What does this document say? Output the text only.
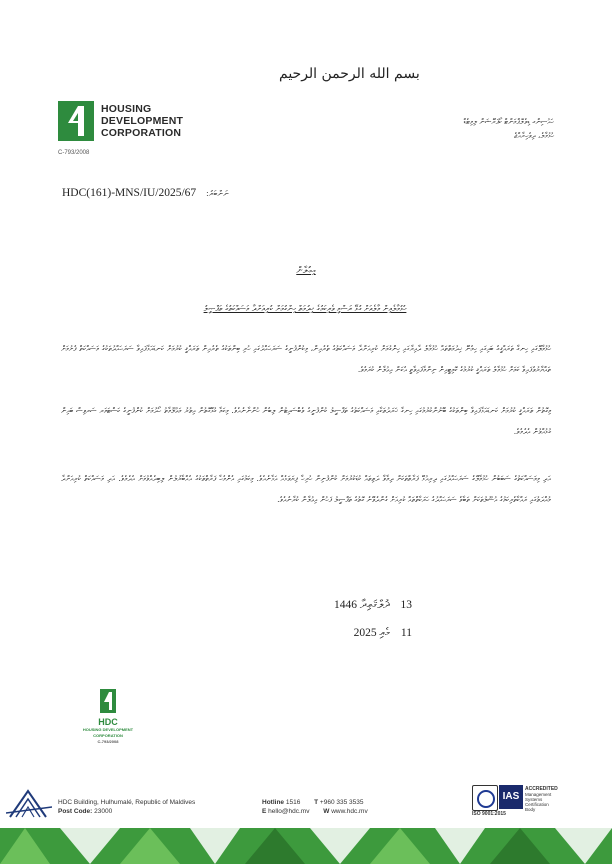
بسم الله الرحمن الرحيم
HOUSING
DEVELOPMENT
CORPORATION
C-793/2008
ހައުސިންގ ޑިވެލޮޕްމަންޓް ކޯޕަރޭޝަން ލިމިޓެޑް
ހުޅުމާލެ، ދިވެހިރާއްޖެ
HDC(161)-MNS/IU/2025/67 ނަންބަރު:
އިޢުލާން
ހުޅުމާލެއިން މާލެއަށް ގުޅޭ ރަސްމީ ވެރިކަމުގެ ޚިދުމަތް ހިންގުމަށް ކުރިއަށްދާ މަސައްކަތުގެ ތަފްޞީލު
ހުޅުމާލޭގައި ހިނގާ ތަރައްޤީގެ ބައިގައި ހިމެނޭ ޚިދުމަތްތައް ހުޅުމާލެ ދާއިރާގައި ހިންގުމަށް ކުރިއަށްދާ މަސައްކަތުގެ ތެރެއިން، މިކުންފުނީގެ ސަރަޙައްދުގައި ހުރި ބިންތަކުގެ ތެރެއިން ތަރައްޤީ ކުރުމަށް ކަނޑައަޅާފައިވާ ސަރަޙައްދުތަކުގެ މަސައްކަތް ފެށުމަށް ތައްޔާރުވެފައިވާ ކަމަށް ހުޅުމާލެ ތަރައްޤީ ކުރުމުގެ ކޮމިޓީއިން ނިންމާފައިވާތީ އެކަން އިޢުލާން ކުރަމެވެ.
މިގޮތުން ތަރައްޤީ ކުރުމަށް ކަނޑައަޅާފައިވާ ބިންތަކުގެ ބޭނުންކުރުމުގައި ހިނގާ ޚަރަދުތަކާއި މަސައްކަތުގެ ތަފްޞީލު ކުންފުނީގެ ވެބްސައިޓުން ލިބެން ހުންނާނެއެވެ. މިކަމާ ގުޅޭގޮތުން އިތުރު މަޢުލޫމާތު ހޯދުމަށް ކުންފުނީގެ ކަސްޓަމަރ ސަރވިސް ބައިން ގުޅުއްވުން އެދެމެވެ.
އަދި މިމަސައްކަތުގެ ސަބަބުން ހުޅުމާލޭގެ ސަރަޙައްދުގައި ދިރިއުޅޭ ފަރާތްތަކަށް ދިމާވާ ދަތިތައް ކުޑަކުރުމަށް ކުންފުނިން ހުރިހާ ފިޔަވަޅެއް އަޅާނެއެވެ. މިކަމުގައި އެންމެހާ ފަރާތްތަކުގެ އެއްބާރުލުން ލިބިދެއްވުމަށް އެދެމެވެ. އަދި މަސައްކަތް ކުރިއަށްދާ މުއްދަތުގައި ރައްކާތެރިކަމުގެ އުސޫލުތަކަށް ތަބާވެ ސަރަޙައްދުގެ ހަރަކާތްތައް ކުރިއަށް ގެންދެވޭނެ ގޮތުގެ ތަފްޞީލު ފަހުން އިޢުލާން ކުރާނެއެވެ.
13 ޛުލްޤަޢިދާ 1446
11 މެއި 2025
HDC
HOUSING DEVELOPMENT CORPORATION
C-793/2008
HDC Building, Hulhumalé, Republic of Maldives
Post Code: 23000
Hotline 1516 T +960 335 3535
E hello@hdc.mv W www.hdc.mv
IAS
ACCREDITED
Management Systems Certification Body
ISO 9001:2015
